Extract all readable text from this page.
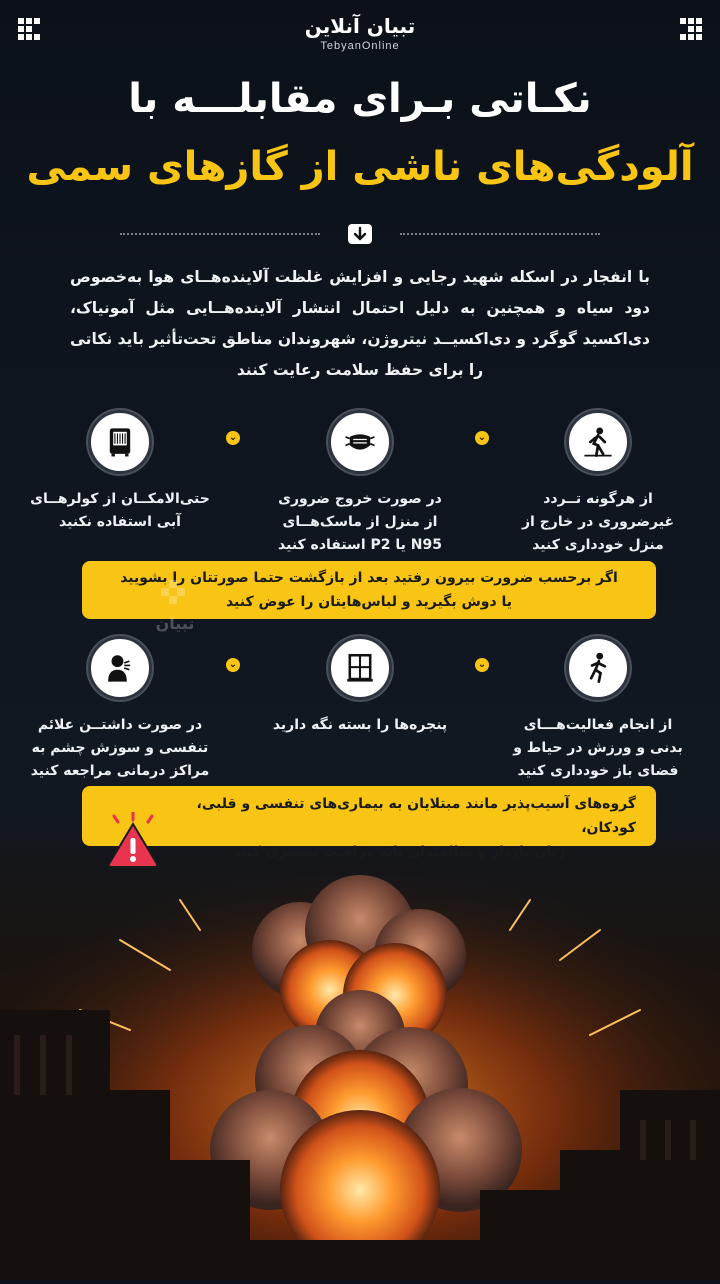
تبیان آنلاین
TebyanOnline
نکـاتی بـرای مقابلـــه با
آلودگی‌های ناشی از گازهای سمی
با انفجار در اسکله شهید رجایی و افزایش غلظت آلاینده‌هــای هوا به‌خصوص دود سیاه و همچنین به دلیل احتمال انتشار آلاینده‌هــایی مثل آمونیاک، دی‌اکسید گوگرد و دی‌اکسیــد نیتروژن، شهروندان مناطق تحت‌تأثیر باید نکاتی را برای حفظ سلامت رعایت کنند
از هرگونه تــردد غیرضروری در خارج از منزل خودداری کنید
⌄
در صورت خروج ضروری از منزل از ماسک‌هــای N95 یا P2 استفاده کنید
⌄
حتی‌الامکــان از کولرهــای آبی استفاده نکنید
اگر برحسب ضرورت بیرون رفتید بعد از بازگشت حتما صورتتان را بشویید
یا دوش بگیرید و لباس‌هایتان را عوض کنید
تبیان
از انجام فعالیت‌هـــای بدنی و ورزش در حیاط و فضای باز خودداری کنید
⌄
پنجره‌ها را بسته نگه دارید
⌄
در صورت داشتــن علائم تنفسی و سوزش چشم به مراکز درمانی مراجعه کنید
گروه‌های آسیب‌پذیر مانند مبتلایان به بیماری‌های تنفسی و قلبی، کودکان،
زنان باردار و سالمندان باید مراقبت بیشتری کنند
